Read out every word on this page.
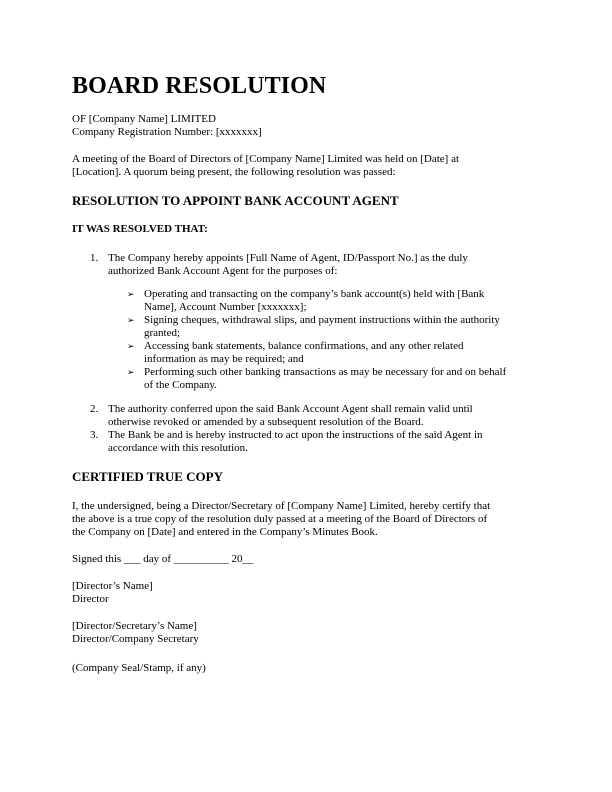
BOARD RESOLUTION

OF [Company Name] LIMITED

Company Registration Number: [xxxxxxx]

A meeting of the Board of Directors of [Company Name] Limited was held on [Date] at

[Location]. A quorum being present, the following resolution was passed:

RESOLUTION TO APPOINT BANK ACCOUNT AGENT
IT WAS RESOLVED THAT:
1. The Company hereby appoints [Full Name of Agent, ID/Passport No.] as the duly

authorized Bank Account Agent for the purposes of:

➢ Operating and transacting on the company’s bank account(s) held with [Bank

Name], Account Number [xxxxxxx];

➢ Signing cheques, withdrawal slips, and payment instructions within the authority

granted;

➢ Accessing bank statements, balance confirmations, and any other related

information as may be required; and

➢ Performing such other banking transactions as may be necessary for and on behalf

of the Company.

2. The authority conferred upon the said Bank Account Agent shall remain valid until

otherwise revoked or amended by a subsequent resolution of the Board.

3. The Bank be and is hereby instructed to act upon the instructions of the said Agent in

accordance with this resolution.

CERTIFIED TRUE COPY

I, the undersigned, being a Director/Secretary of [Company Name] Limited, hereby certify that

the above is a true copy of the resolution duly passed at a meeting of the Board of Directors of

the Company on [Date] and entered in the Company’s Minutes Book.

Signed this ___ day of __________ 20__

[Director’s Name]

Director

[Director/Secretary’s Name]

Director/Company Secretary

(Company Seal/Stamp, if any)
